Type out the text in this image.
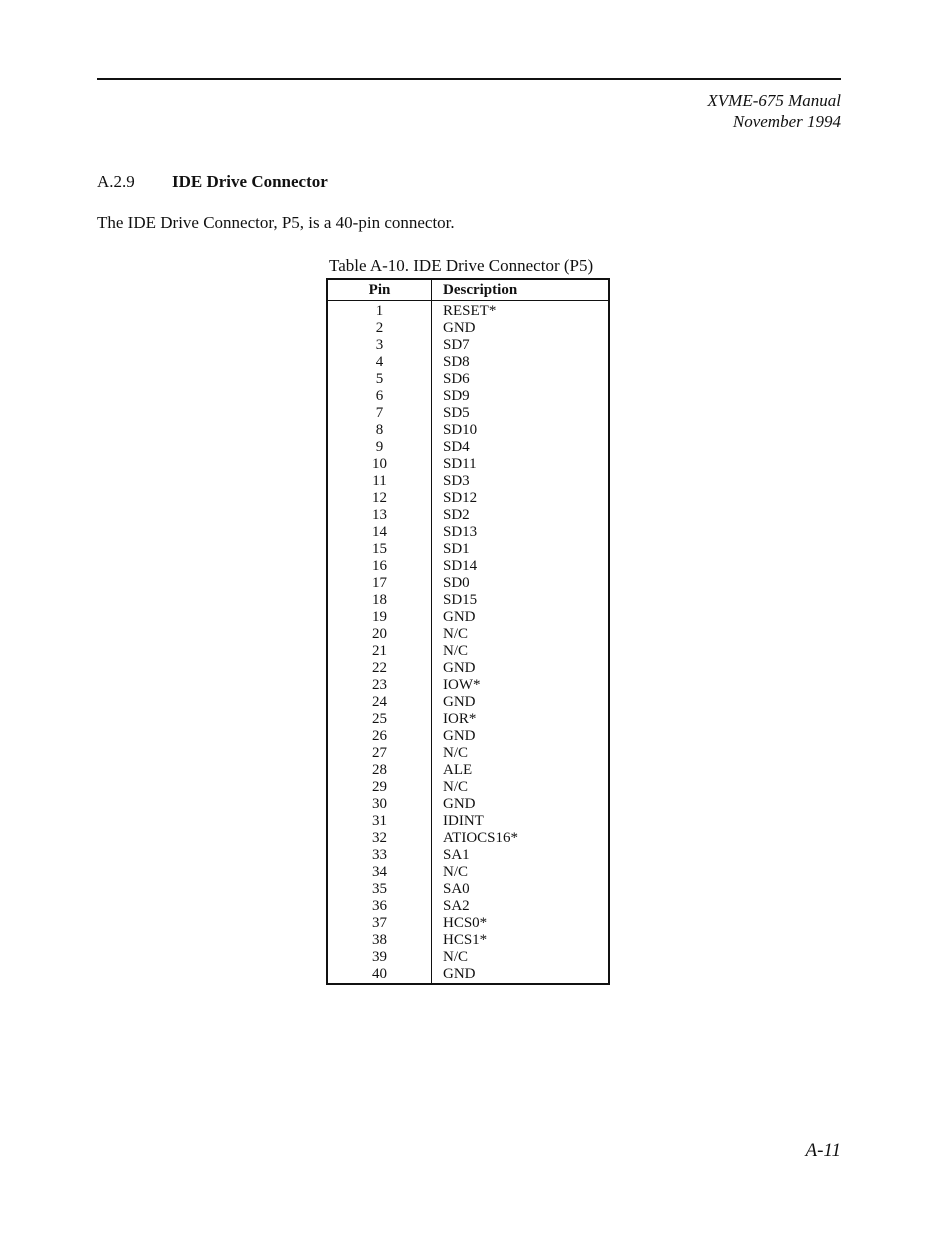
XVME-675 Manual
November 1994
A.2.9 IDE Drive Connector
The IDE Drive Connector, P5, is a 40-pin connector.
Table A-10. IDE Drive Connector (P5)
Pin	Description
1	RESET*
2	GND
3	SD7
4	SD8
5	SD6
6	SD9
7	SD5
8	SD10
9	SD4
10	SD11
11	SD3
12	SD12
13	SD2
14	SD13
15	SD1
16	SD14
17	SD0
18	SD15
19	GND
20	N/C
21	N/C
22	GND
23	IOW*
24	GND
25	IOR*
26	GND
27	N/C
28	ALE
29	N/C
30	GND
31	IDINT
32	ATIOCS16*
33	SA1
34	N/C
35	SA0
36	SA2
37	HCS0*
38	HCS1*
39	N/C
40	GND
A-11
